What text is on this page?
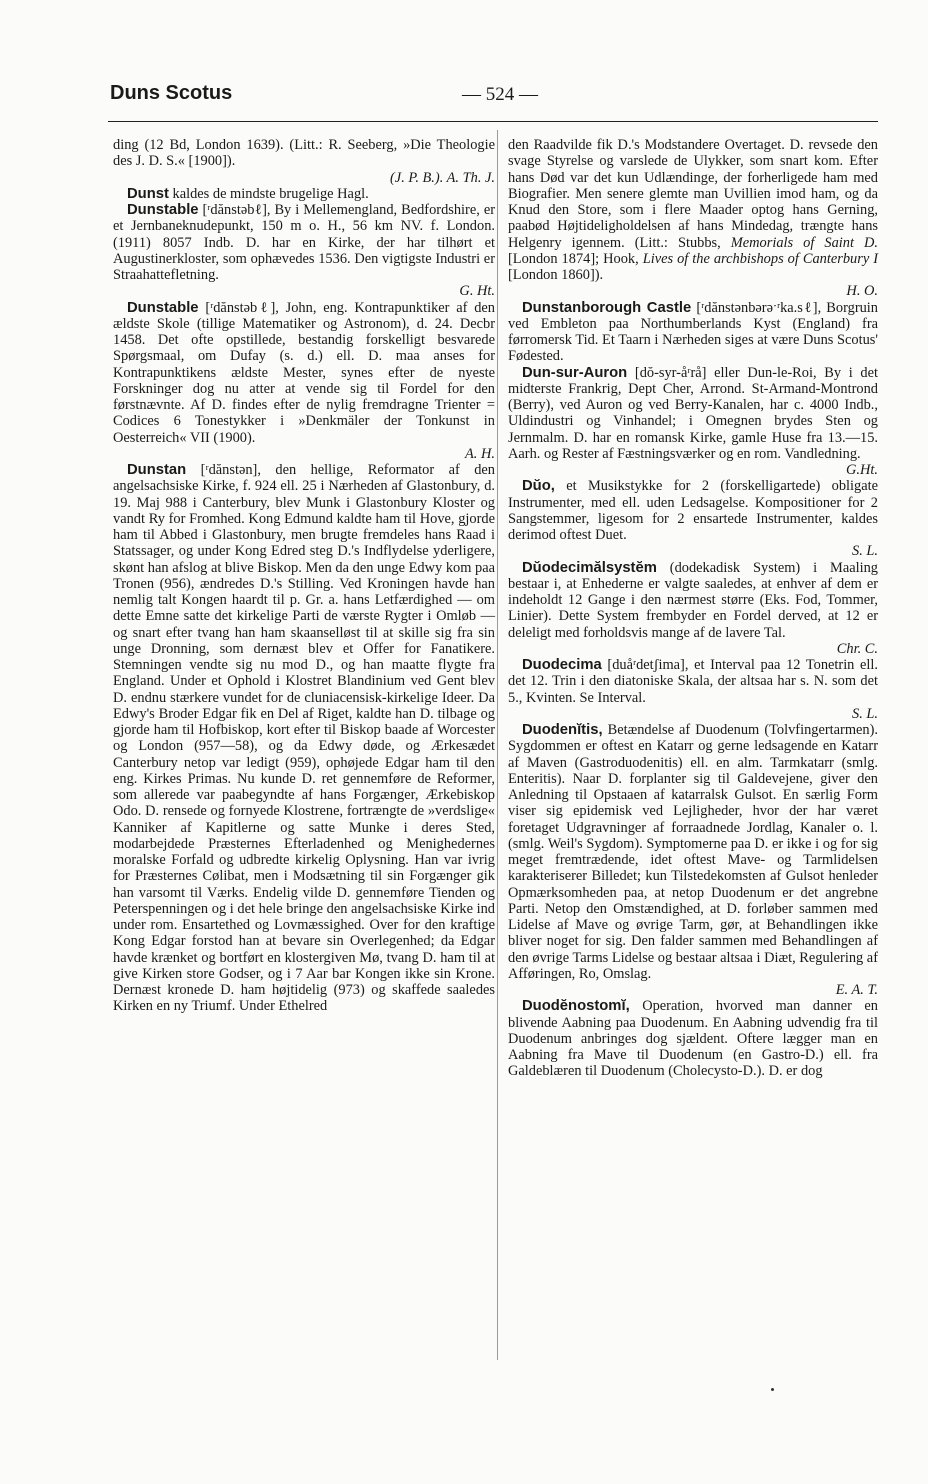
Duns Scotus	— 524 —

ding (12 Bd, London 1639). (Litt.: R. Seeberg, »Die Theologie des J. D. S.« [1900]).
(J. P. B.). A. Th. J.

Dunst kaldes de mindste brugelige Hagl.

Dunstable [ʳdănstəbℓ], By i Mellemengland, Bedfordshire, er et Jernbaneknudepunkt, 150 m o. H., 56 km NV. f. London. (1911) 8057 Indb. D. har en Kirke, der har tilhørt et Augustinerkloster, som ophævedes 1536. Den vigtigste Industri er Straahattefletning.
G. Ht.

Dunstable [ʳdănstəbℓ], John, eng. Kontrapunktiker af den ældste Skole (tillige Matematiker og Astronom), d. 24. Decbr 1458. Det ofte opstillede, bestandig forskelligt besvarede Spørgsmaal, om Dufay (s. d.) ell. D. maa anses for Kontrapunktikens ældste Mester, synes efter de nyeste Forskninger dog nu atter at vende sig til Fordel for den førstnævnte. Af D. findes efter de nylig fremdragne Trienter = Codices 6 Tonestykker i »Denkmäler der Tonkunst in Oesterreich« VII (1900).
A. H.

Dunstan [ʳdănstən], den hellige, Reformator af den angelsachsiske Kirke, f. 924 ell. 25 i Nærheden af Glastonbury, d. 19. Maj 988 i Canterbury, blev Munk i Glastonbury Kloster og vandt Ry for Fromhed. Kong Edmund kaldte ham til Hove, gjorde ham til Abbed i Glastonbury, men brugte fremdeles hans Raad i Statssager, og under Kong Edred steg D.'s Indflydelse yderligere, skønt han afslog at blive Biskop. Men da den unge Edwy kom paa Tronen (956), ændredes D.'s Stilling. Ved Kroningen havde han nemlig talt Kongen haardt til p. Gr. a. hans Letfærdighed — om dette Emne satte det kirkelige Parti de værste Rygter i Omløb — og snart efter tvang han ham skaanselløst til at skille sig fra sin unge Dronning, som dernæst blev et Offer for Fanatikere. Stemningen vendte sig nu mod D., og han maatte flygte fra England. Under et Ophold i Klostret Blandinium ved Gent blev D. endnu stærkere vundet for de cluniacensisk-kirkelige Ideer. Da Edwy's Broder Edgar fik en Del af Riget, kaldte han D. tilbage og gjorde ham til Hofbiskop, kort efter til Biskop baade af Worcester og London (957—58), og da Edwy døde, og Ærkesædet Canterbury netop var ledigt (959), ophøjede Edgar ham til den eng. Kirkes Primas. Nu kunde D. ret gennemføre de Reformer, som allerede var paabegyndte af hans Forgænger, Ærkebiskop Odo. D. rensede og fornyede Klostrene, fortrængte de »verdslige« Kanniker af Kapitlerne og satte Munke i deres Sted, modarbejdede Præsternes Efterladenhed og Menighedernes moralske Forfald og udbredte kirkelig Oplysning. Han var ivrig for Præsternes Cølibat, men i Modsætning til sin Forgænger gik han varsomt til Værks. Endelig vilde D. gennemføre Tienden og Peterspenningen og i det hele bringe den angelsachsiske Kirke ind under rom. Ensartethed og Lovmæssighed. Over for den kraftige Kong Edgar forstod han at bevare sin Overlegenhed; da Edgar havde krænket og bortført en klostergiven Mø, tvang D. ham til at give Kirken store Godser, og i 7 Aar bar Kongen ikke sin Krone. Dernæst kronede D. ham højtidelig (973) og skaffede saaledes Kirken en ny Triumf. Under Ethelred

den Raadvilde fik D.'s Modstandere Overtaget. D. revsede den svage Styrelse og varslede de Ulykker, som snart kom. Efter hans Død var det kun Udlændinge, der forherligede ham med Biografier. Men senere glemte man Uvillien imod ham, og da Knud den Store, som i flere Maader optog hans Gerning, paabød Højtideligholdelsen af hans Mindedag, trængte hans Helgenry igennem. (Litt.: Stubbs, Memorials of Saint D. [London 1874]; Hook, Lives of the archbishops of Canterbury I [London 1860]).
H. O.

Dunstanborough Castle [ʳdănstənbərəˑʳka.sℓ], Borgruin ved Embleton paa Northumberlands Kyst (England) fra førromersk Tid. Et Taarn i Nærheden siges at være Duns Scotus' Fødested.

Dun-sur-Auron [dŏ-syr-åʳrå] eller Dun-le-Roi, By i det midterste Frankrig, Dept Cher, Arrond. St-Armand-Montrond (Berry), ved Auron og ved Berry-Kanalen, har c. 4000 Indb., Uldindustri og Vinhandel; i Omegnen brydes Sten og Jernmalm. D. har en romansk Kirke, gamle Huse fra 13.—15. Aarh. og Rester af Fæstningsværker og en rom. Vandledning.
G.Ht.

Dŭo, et Musikstykke for 2 (forskelligartede) obligate Instrumenter, med ell. uden Ledsagelse. Kompositioner for 2 Sangstemmer, ligesom for 2 ensartede Instrumenter, kaldes derimod oftest Duet.
S. L.

Dŭodecimălsystĕm (dodekadisk System) i Maaling bestaar i, at Enhederne er valgte saaledes, at enhver af dem er indeholdt 12 Gange i den nærmest større (Eks. Fod, Tommer, Linier). Dette System frembyder en Fordel derved, at 12 er deleligt med forholdsvis mange af de lavere Tal.
Chr. C.

Duodecima [duåʳdetʃima], et Interval paa 12 Tonetrin ell. det 12. Trin i den diatoniske Skala, der altsaa har s. N. som det 5., Kvinten. Se Interval.
S. L.

Duodenĭtis, Betændelse af Duodenum (Tolvfingertarmen). Sygdommen er oftest en Katarr og gerne ledsagende en Katarr af Maven (Gastroduodenitis) ell. en alm. Tarmkatarr (smlg. Enteritis). Naar D. forplanter sig til Galdevejene, giver den Anledning til Opstaaen af katarralsk Gulsot. En særlig Form viser sig epidemisk ved Lejligheder, hvor der har været foretaget Udgravninger af forraadnede Jordlag, Kanaler o. l. (smlg. Weil's Sygdom). Symptomerne paa D. er ikke i og for sig meget fremtrædende, idet oftest Mave- og Tarmlidelsen karakteriserer Billedet; kun Tilstedekomsten af Gulsot henleder Opmærksomheden paa, at netop Duodenum er det angrebne Parti. Netop den Omstændighed, at D. forløber sammen med Lidelse af Mave og øvrige Tarm, gør, at Behandlingen ikke bliver noget for sig. Den falder sammen med Behandlingen af den øvrige Tarms Lidelse og bestaar altsaa i Diæt, Regulering af Afføringen, Ro, Omslag.
E. A. T.

Duodĕnostomĭ, Operation, hvorved man danner en blivende Aabning paa Duodenum. En Aabning udvendig fra til Duodenum anbringes dog sjældent. Oftere lægger man en Aabning fra Mave til Duodenum (en Gastro-D.) ell. fra Galdeblæren til Duodenum (Cholecysto-D.). D. er dog
